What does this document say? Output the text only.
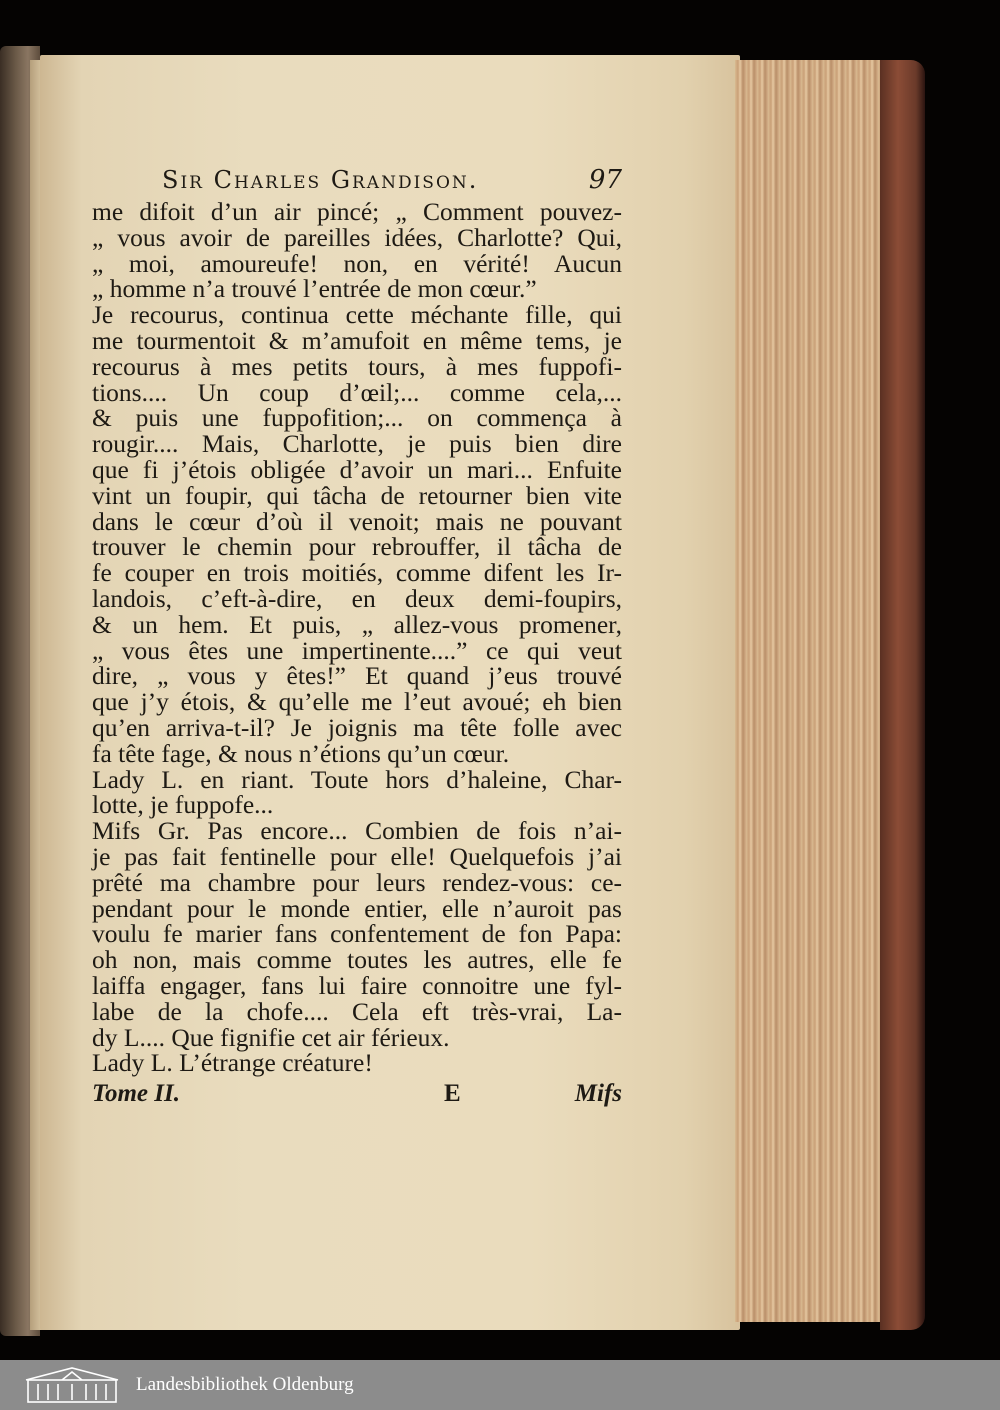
Sir Charles Grandison.	97
me difoit d’un air pincé; „ Comment pouvez-
„ vous avoir de pareilles idées, Charlotte? Qui,
„ moi, amoureufe! non, en vérité! Aucun
„ homme n’a trouvé l’entrée de mon cœur.”
Je recourus, continua cette méchante fille, qui
me tourmentoit & m’amufoit en même tems, je
recourus à mes petits tours, à mes fuppofi-
tions.... Un coup d’œil;... comme cela,...
& puis une fuppofition;... on commença à
rougir.... Mais, Charlotte, je puis bien dire
que fi j’étois obligée d’avoir un mari... Enfuite
vint un foupir, qui tâcha de retourner bien vite
dans le cœur d’où il venoit; mais ne pouvant
trouver le chemin pour rebrouffer, il tâcha de
fe couper en trois moitiés, comme difent les Ir-
landois, c’eft-à-dire, en deux demi-foupirs,
& un hem. Et puis, „ allez-vous promener,
„ vous êtes une impertinente....” ce qui veut
dire, „ vous y êtes!” Et quand j’eus trouvé
que j’y étois, & qu’elle me l’eut avoué; eh bien
qu’en arriva-t-il? Je joignis ma tête folle avec
fa tête fage, & nous n’étions qu’un cœur.
Lady L. en riant. Toute hors d’haleine, Char-
lotte, je fuppofe...
Mifs Gr. Pas encore... Combien de fois n’ai-
je pas fait fentinelle pour elle! Quelquefois j’ai
prêté ma chambre pour leurs rendez-vous: ce-
pendant pour le monde entier, elle n’auroit pas
voulu fe marier fans confentement de fon Papa:
oh non, mais comme toutes les autres, elle fe
laiffa engager, fans lui faire connoitre une fyl-
labe de la chofe.... Cela eft très-vrai, La-
dy L.... Que fignifie cet air férieux.
Lady L. L’étrange créature!
Tome II.	E	Mifs
Landesbibliothek Oldenburg
